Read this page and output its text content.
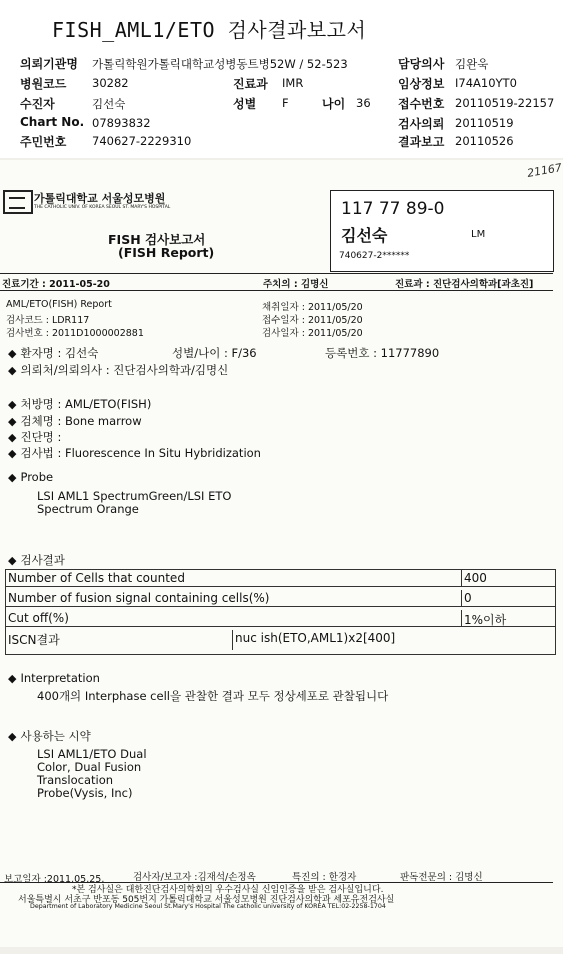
FISH_AML1/ETO 검사결과보고서
의뢰기관명 가톨릭학원가톨릭대학교성병동트병52W / 52-523	담당의사 김완욱
병원코드 30282	진료과 IMR	임상정보 I74A10YT0
수진자	김선숙	성별 F	나이 36 접수번호 20110519-22157
Chart No. 07893832	검사의뢰 20110519
주민번호 740627-2229310	결과보고 20110526
21167
가톨릭대학교 서울성모병원
THE CATHOLIC UNIV. OF KOREA SEOUL ST. MARY'S HOSPITAL
FISH 검사보고서
(FISH Report)
117 77 89-0
김선숙	LM
740627-2******
진료기간 : 2011-05-20	주치의 : 김명신	진료과 : 진단검사의학과[과초진]
AML/ETO(FISH) Report
검사코드 : LDR117
검사번호 : 2011D1000002881
채취일자 : 2011/05/20
접수일자 : 2011/05/20
검사일자 : 2011/05/20
◆ 환자명 : 김선숙	성별/나이 : F/36	등록번호 : 11777890
◆ 의뢰처/의뢰의사 : 진단검사의학과/김명신
◆ 처방명 : AML/ETO(FISH)
◆ 검체명 : Bone marrow
◆ 진단명 :
◆ 검사법 : Fluorescence In Situ Hybridization
◆ Probe
LSI AML1 SpectrumGreen/LSI ETO
Spectrum Orange
◆ 검사결과
Number of Cells that counted	400
Number of fusion signal containing cells(%)	0
Cut off(%)	1%이하
ISCN결과	nuc ish(ETO,AML1)x2[400]
◆ Interpretation
400개의 Interphase cell을 관찰한 결과 모두 정상세포로 관찰됩니다
◆ 사용하는 시약
LSI AML1/ETO Dual
Color, Dual Fusion
Translocation
Probe(Vysis, Inc)
보고일자 :2011.05.25.	검사자/보고자 :김재석/손정옥	특진의 : 한경자	판독전문의 : 김명신
*본 검사실은 대한진단검사의학회의 우수검사실 신임인증을 받은 검사실입니다.
서울특별시 서초구 반포동 505번지 가톨릭대학교 서울성모병원 진단검사의학과 세포유전검사실
Department of Laboratory Medicine Seoul St.Mary's Hospital The catholic university of KOREA TEL:02-2258-1704
